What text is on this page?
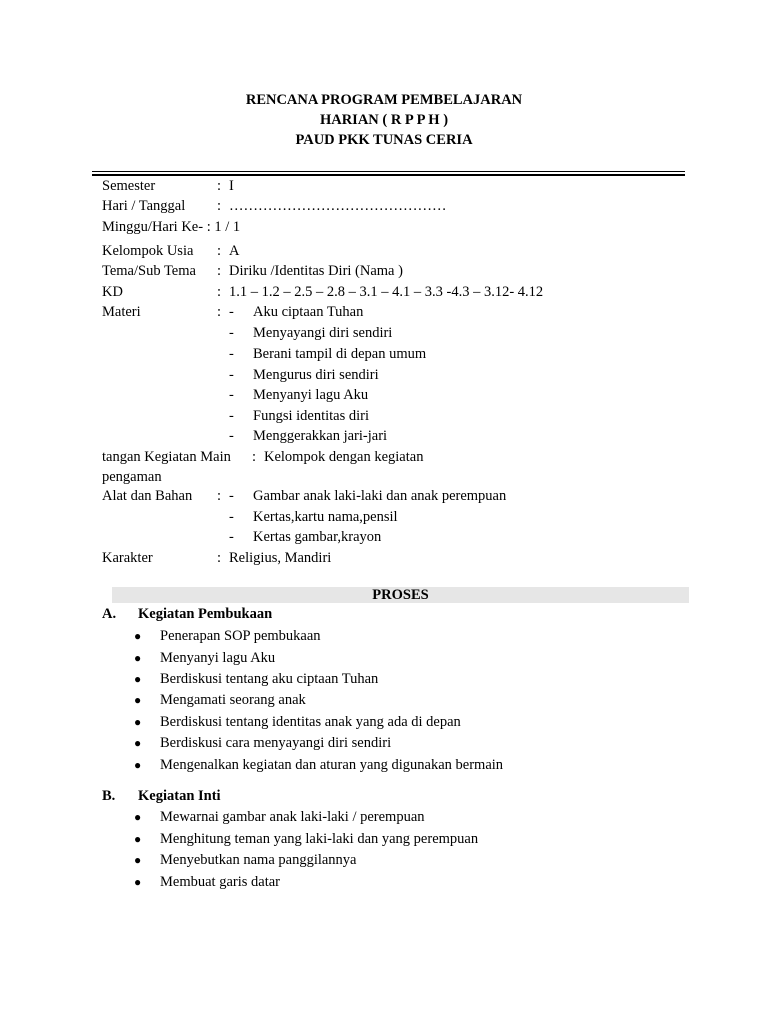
RENCANA PROGRAM PEMBELAJARAN
HARIAN ( R P P H )
PAUD PKK TUNAS CERIA
Semester	: I
Hari / Tanggal : ………………………………………
Minggu/Hari Ke- : 1 / 1
Kelompok Usia : A
Tema/Sub Tema : Diriku /Identitas Diri (Nama )
KD	: 1.1 – 1.2 – 2.5 – 2.8 – 3.1 – 4.1 – 3.3 -4.3 – 3.12- 4.12
Materi	: - Aku ciptaan Tuhan
- Menyayangi diri sendiri
- Berani tampil di depan umum
- Mengurus diri sendiri
- Menyanyi lagu Aku
- Fungsi identitas diri
- Menggerakkan jari-jari
tangan Kegiatan Main : Kelompok dengan kegiatan
pengaman
Alat dan Bahan : - Gambar anak laki-laki dan anak perempuan
- Kertas,kartu nama,pensil
- Kertas gambar,krayon
Karakter	: Religius, Mandiri
PROSES
A. Kegiatan Pembukaan
● Penerapan SOP pembukaan
● Menyanyi lagu Aku
● Berdiskusi tentang aku ciptaan Tuhan
● Mengamati seorang anak
● Berdiskusi tentang identitas anak yang ada di depan
● Berdiskusi cara menyayangi diri sendiri
● Mengenalkan kegiatan dan aturan yang digunakan bermain
B. Kegiatan Inti
● Mewarnai gambar anak laki-laki / perempuan
● Menghitung teman yang laki-laki dan yang perempuan
● Menyebutkan nama panggilannya
● Membuat garis datar
